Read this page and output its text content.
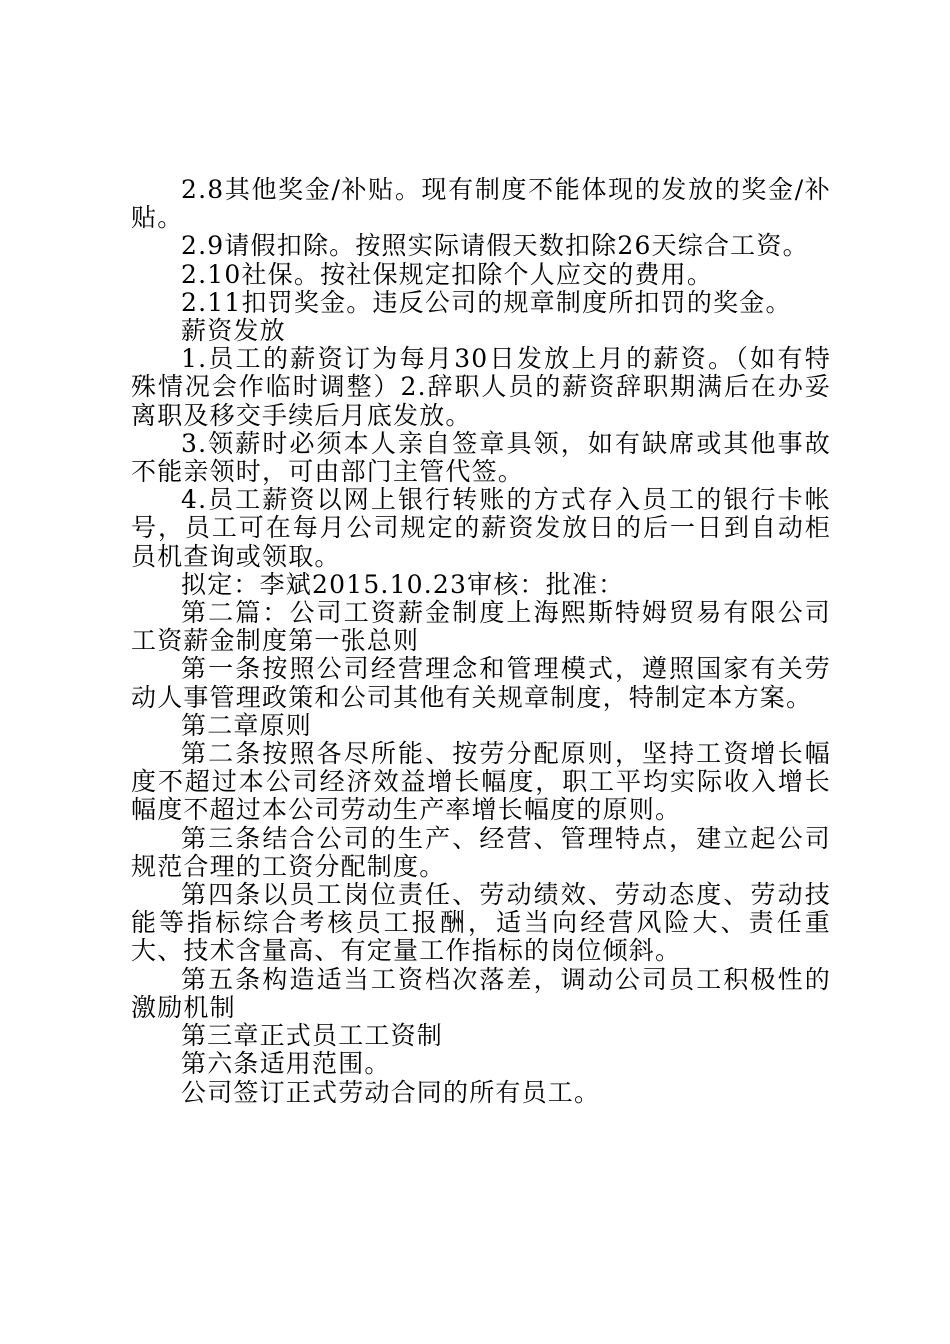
2.8其他奖金/补贴。现有制度不能体现的发放的奖金/补贴。

2.9请假扣除。按照实际请假天数扣除26天综合工资。

2.10社保。按社保规定扣除个人应交的费用。

2.11扣罚奖金。违反公司的规章制度所扣罚的奖金。

薪资发放

1.员工的薪资订为每月30日发放上月的薪资。（如有特殊情况会作临时调整）2.辞职人员的薪资辞职期满后在办妥离职及移交手续后月底发放。

3.领薪时必须本人亲自签章具领，如有缺席或其他事故不能亲领时，可由部门主管代签。

4.员工薪资以网上银行转账的方式存入员工的银行卡帐号，员工可在每月公司规定的薪资发放日的后一日到自动柜员机查询或领取。

拟定：李斌2015.10.23审核：批准：

第二篇：公司工资薪金制度上海熙斯特姆贸易有限公司工资薪金制度第一张总则

第一条按照公司经营理念和管理模式，遵照国家有关劳动人事管理政策和公司其他有关规章制度，特制定本方案。

第二章原则

第二条按照各尽所能、按劳分配原则，坚持工资增长幅度不超过本公司经济效益增长幅度，职工平均实际收入增长幅度不超过本公司劳动生产率增长幅度的原则。

第三条结合公司的生产、经营、管理特点，建立起公司规范合理的工资分配制度。

第四条以员工岗位责任、劳动绩效、劳动态度、劳动技能等指标综合考核员工报酬，适当向经营风险大、责任重大、技术含量高、有定量工作指标的岗位倾斜。

第五条构造适当工资档次落差，调动公司员工积极性的激励机制

第三章正式员工工资制

第六条适用范围。

公司签订正式劳动合同的所有员工。
